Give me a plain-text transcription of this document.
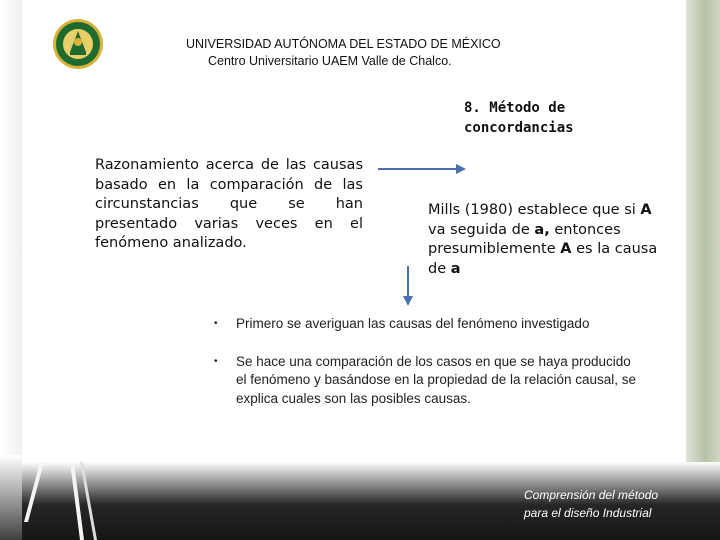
UNIVERSIDAD AUTÓNOMA DEL ESTADO DE MÉXICO
Centro Universitario UAEM Valle de Chalco.
8. Método de
concordancias
Razonamiento acerca de las causas basado en la comparación de las circunstancias que se han presentado varias veces en el fenómeno analizado.
Mills (1980) establece que si A va seguida de a, entonces presumiblemente A es la causa de a
• Primero se averiguan las causas del fenómeno investigado
• Se hace una comparación de los casos en que se haya producido el fenómeno y basándose en la propiedad de la relación causal, se explica cuales son las posibles causas.
Comprensión del método
para el diseño Industrial
